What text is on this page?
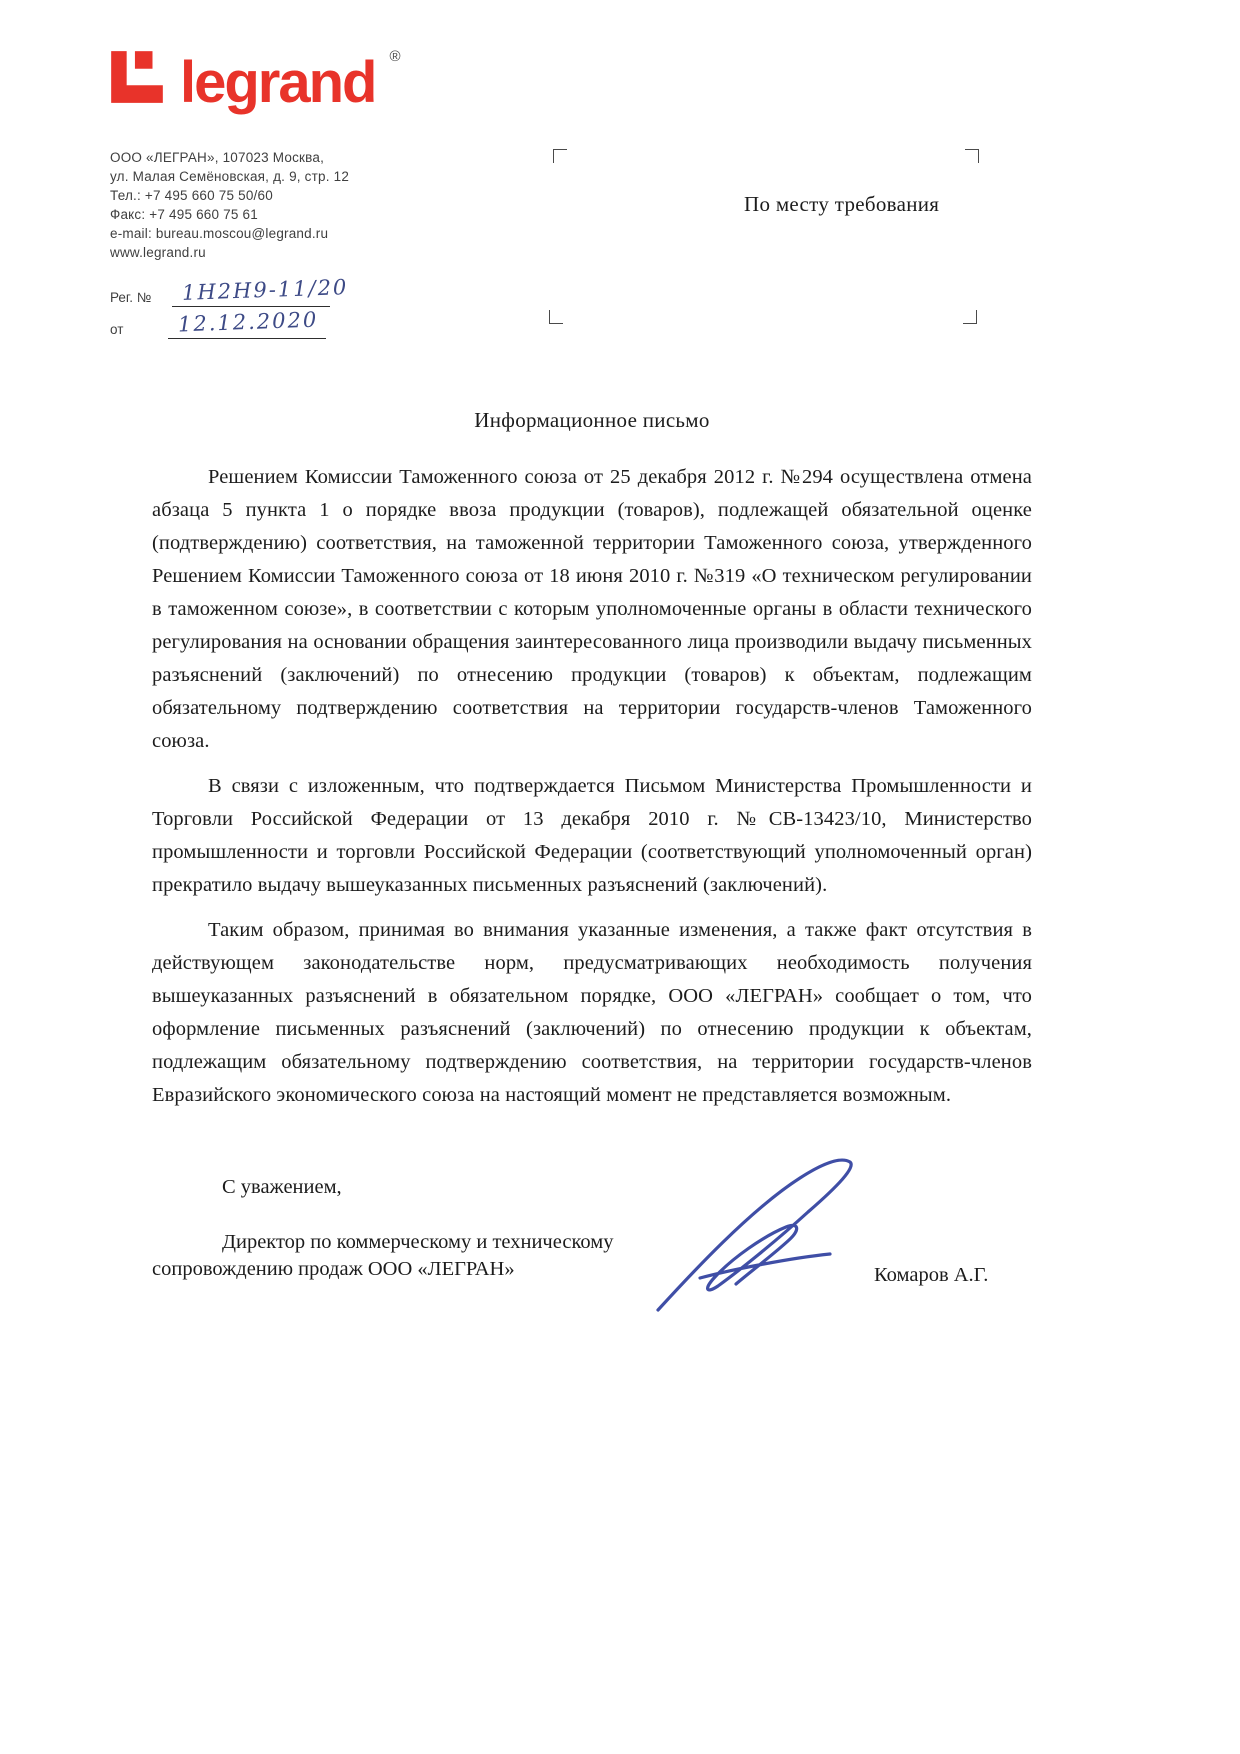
legrand ®
ООО «ЛЕГРАН», 107023 Москва,
ул. Малая Семёновская, д. 9, стр. 12
Тел.: +7 495 660 75 50/60
Факс: +7 495 660 75 61
e-mail: bureau.moscou@legrand.ru
www.legrand.ru
Рег. № 1Н2Н9-11/20
от	12.12.2020
По месту требования
Информационное письмо

Решением Комиссии Таможенного союза от 25 декабря 2012 г. №294 осуществлена отмена абзаца 5 пункта 1 о порядке ввоза продукции (товаров), подлежащей обязательной оценке (подтверждению) соответствия, на таможенной территории Таможенного союза, утвержденного Решением Комиссии Таможенного союза от 18 июня 2010 г. №319 «О техническом регулировании в таможенном союзе», в соответствии с которым уполномоченные органы в области технического регулирования на основании обращения заинтересованного лица производили выдачу письменных разъяснений (заключений) по отнесению продукции (товаров) к объектам, подлежащим обязательному подтверждению соответствия на территории государств-членов Таможенного союза.

В связи с изложенным, что подтверждается Письмом Министерства Промышленности и Торговли Российской Федерации от 13 декабря 2010 г. №СВ-13423/10, Министерство промышленности и торговли Российской Федерации (соответствующий уполномоченный орган) прекратило выдачу вышеуказанных письменных разъяснений (заключений).

Таким образом, принимая во внимания указанные изменения, а также факт отсутствия в действующем законодательстве норм, предусматривающих необходимость получения вышеуказанных разъяснений в обязательном порядке, ООО «ЛЕГРАН» сообщает о том, что оформление письменных разъяснений (заключений) по отнесению продукции к объектам, подлежащим обязательному подтверждению соответствия, на территории государств-членов Евразийского экономического союза на настоящий момент не представляется возможным.

С уважением,
Директор по коммерческому и техническому сопровождению продаж ООО «ЛЕГРАН»	Комаров А.Г.
